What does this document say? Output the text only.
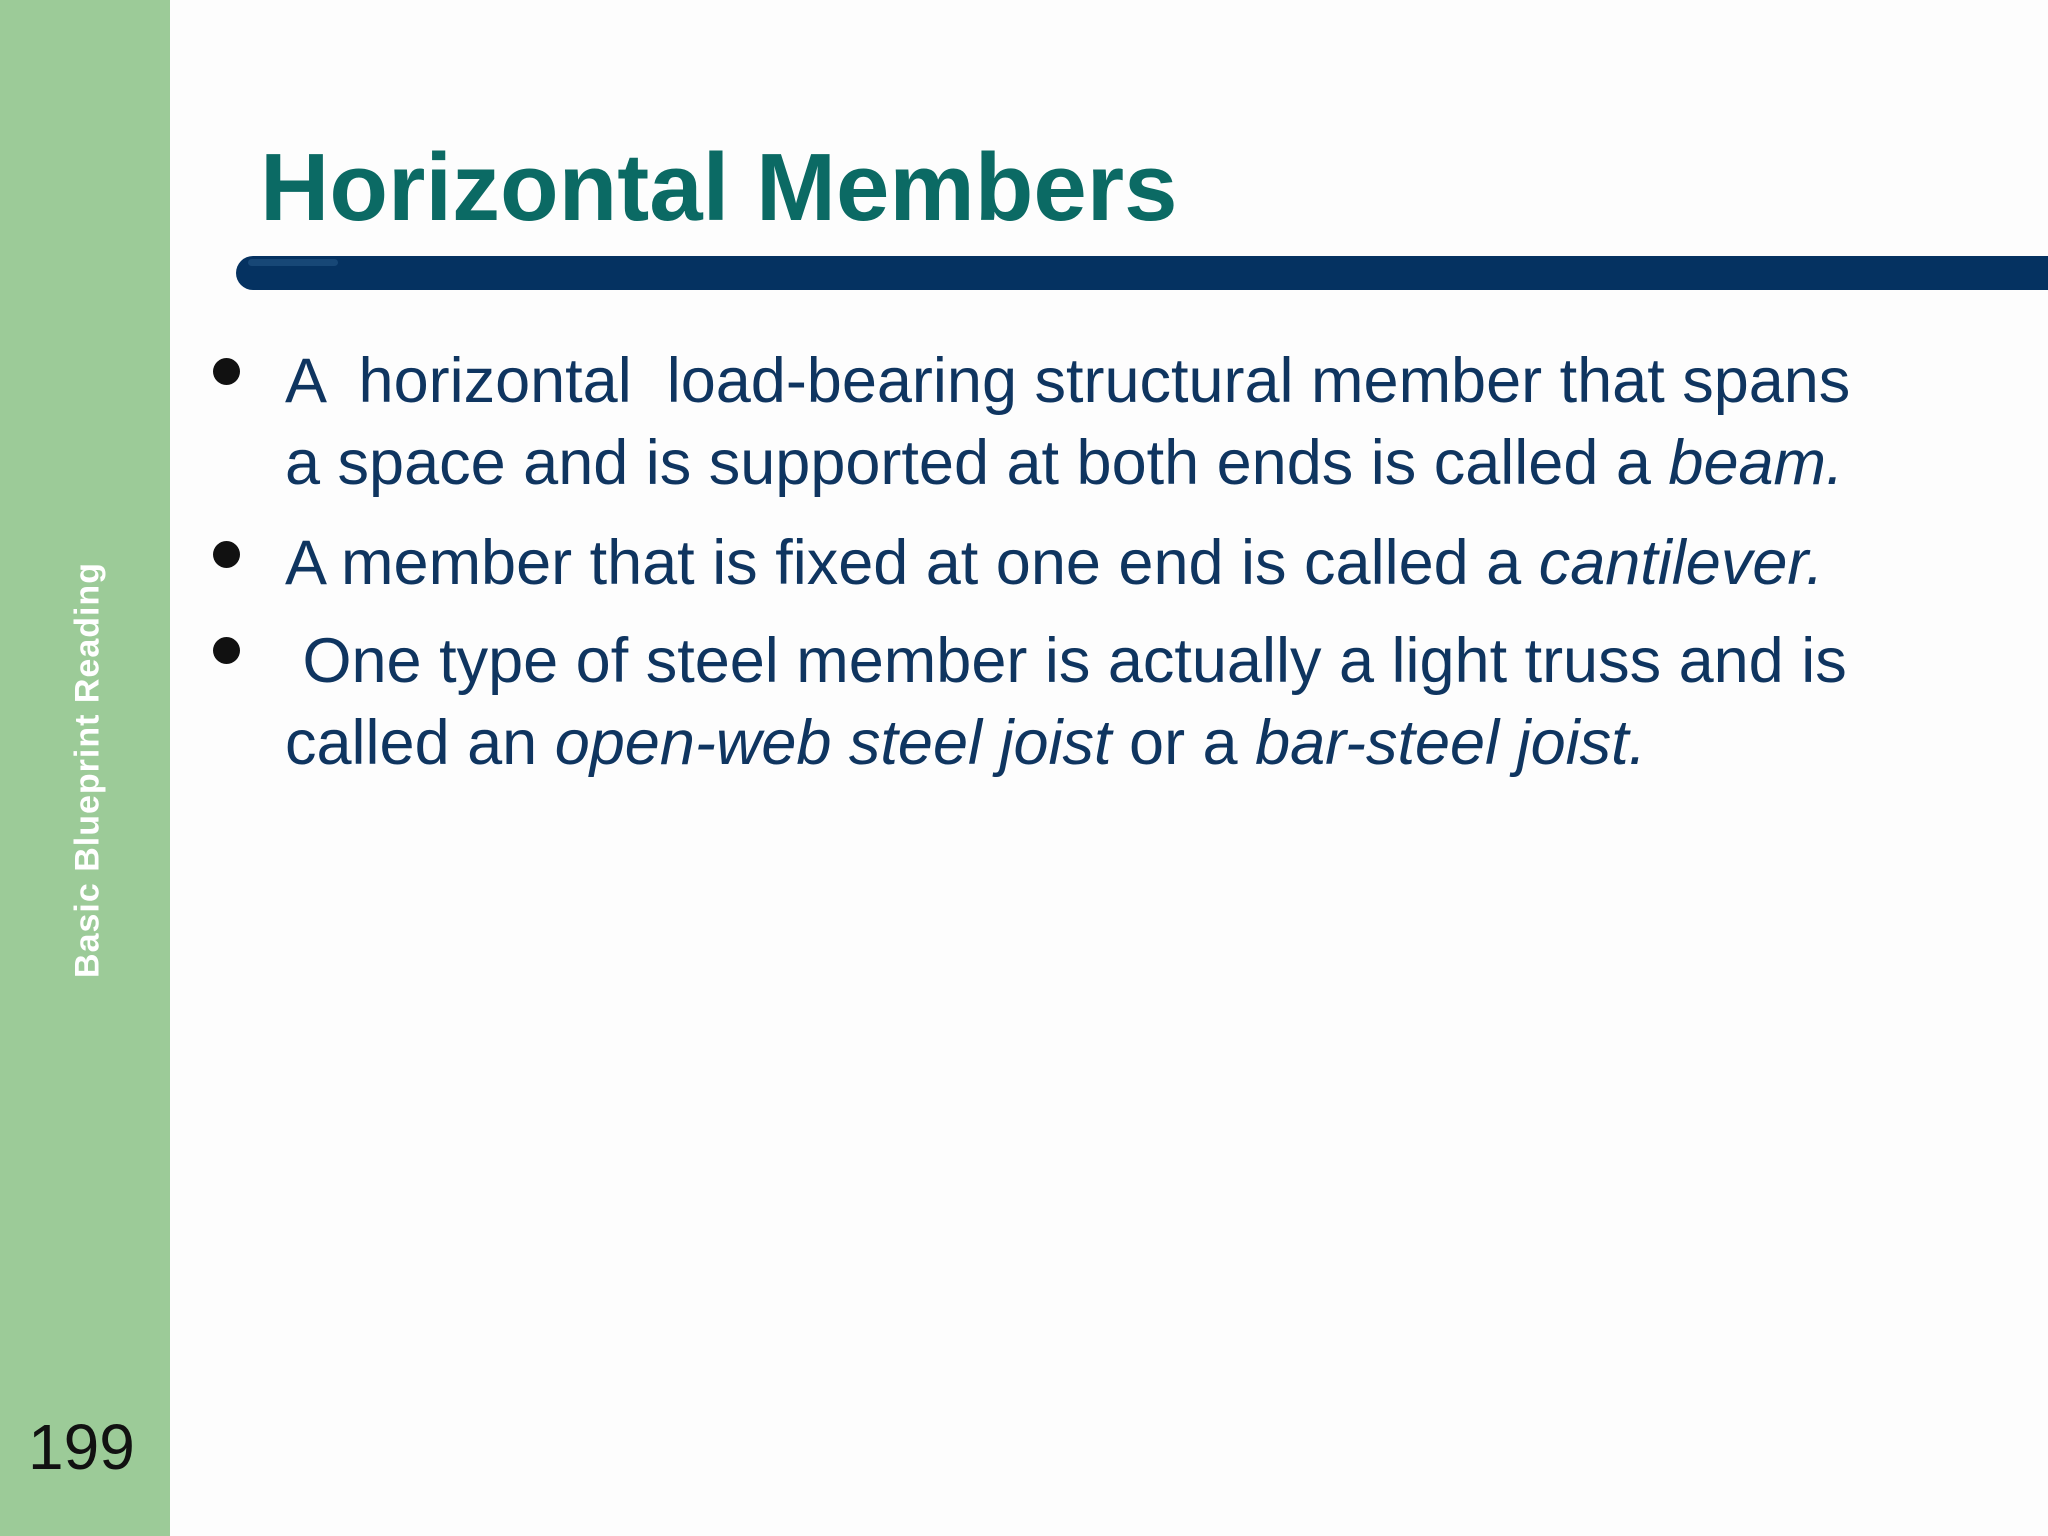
Basic Blueprint Reading
199
Horizontal Members

A  horizontal  load-bearing structural member that spans
a space and is supported at both ends is called a beam.

A member that is fixed at one end is called a cantilever.

One type of steel member is actually a light truss and is
called an open-web steel joist or a bar-steel joist.
